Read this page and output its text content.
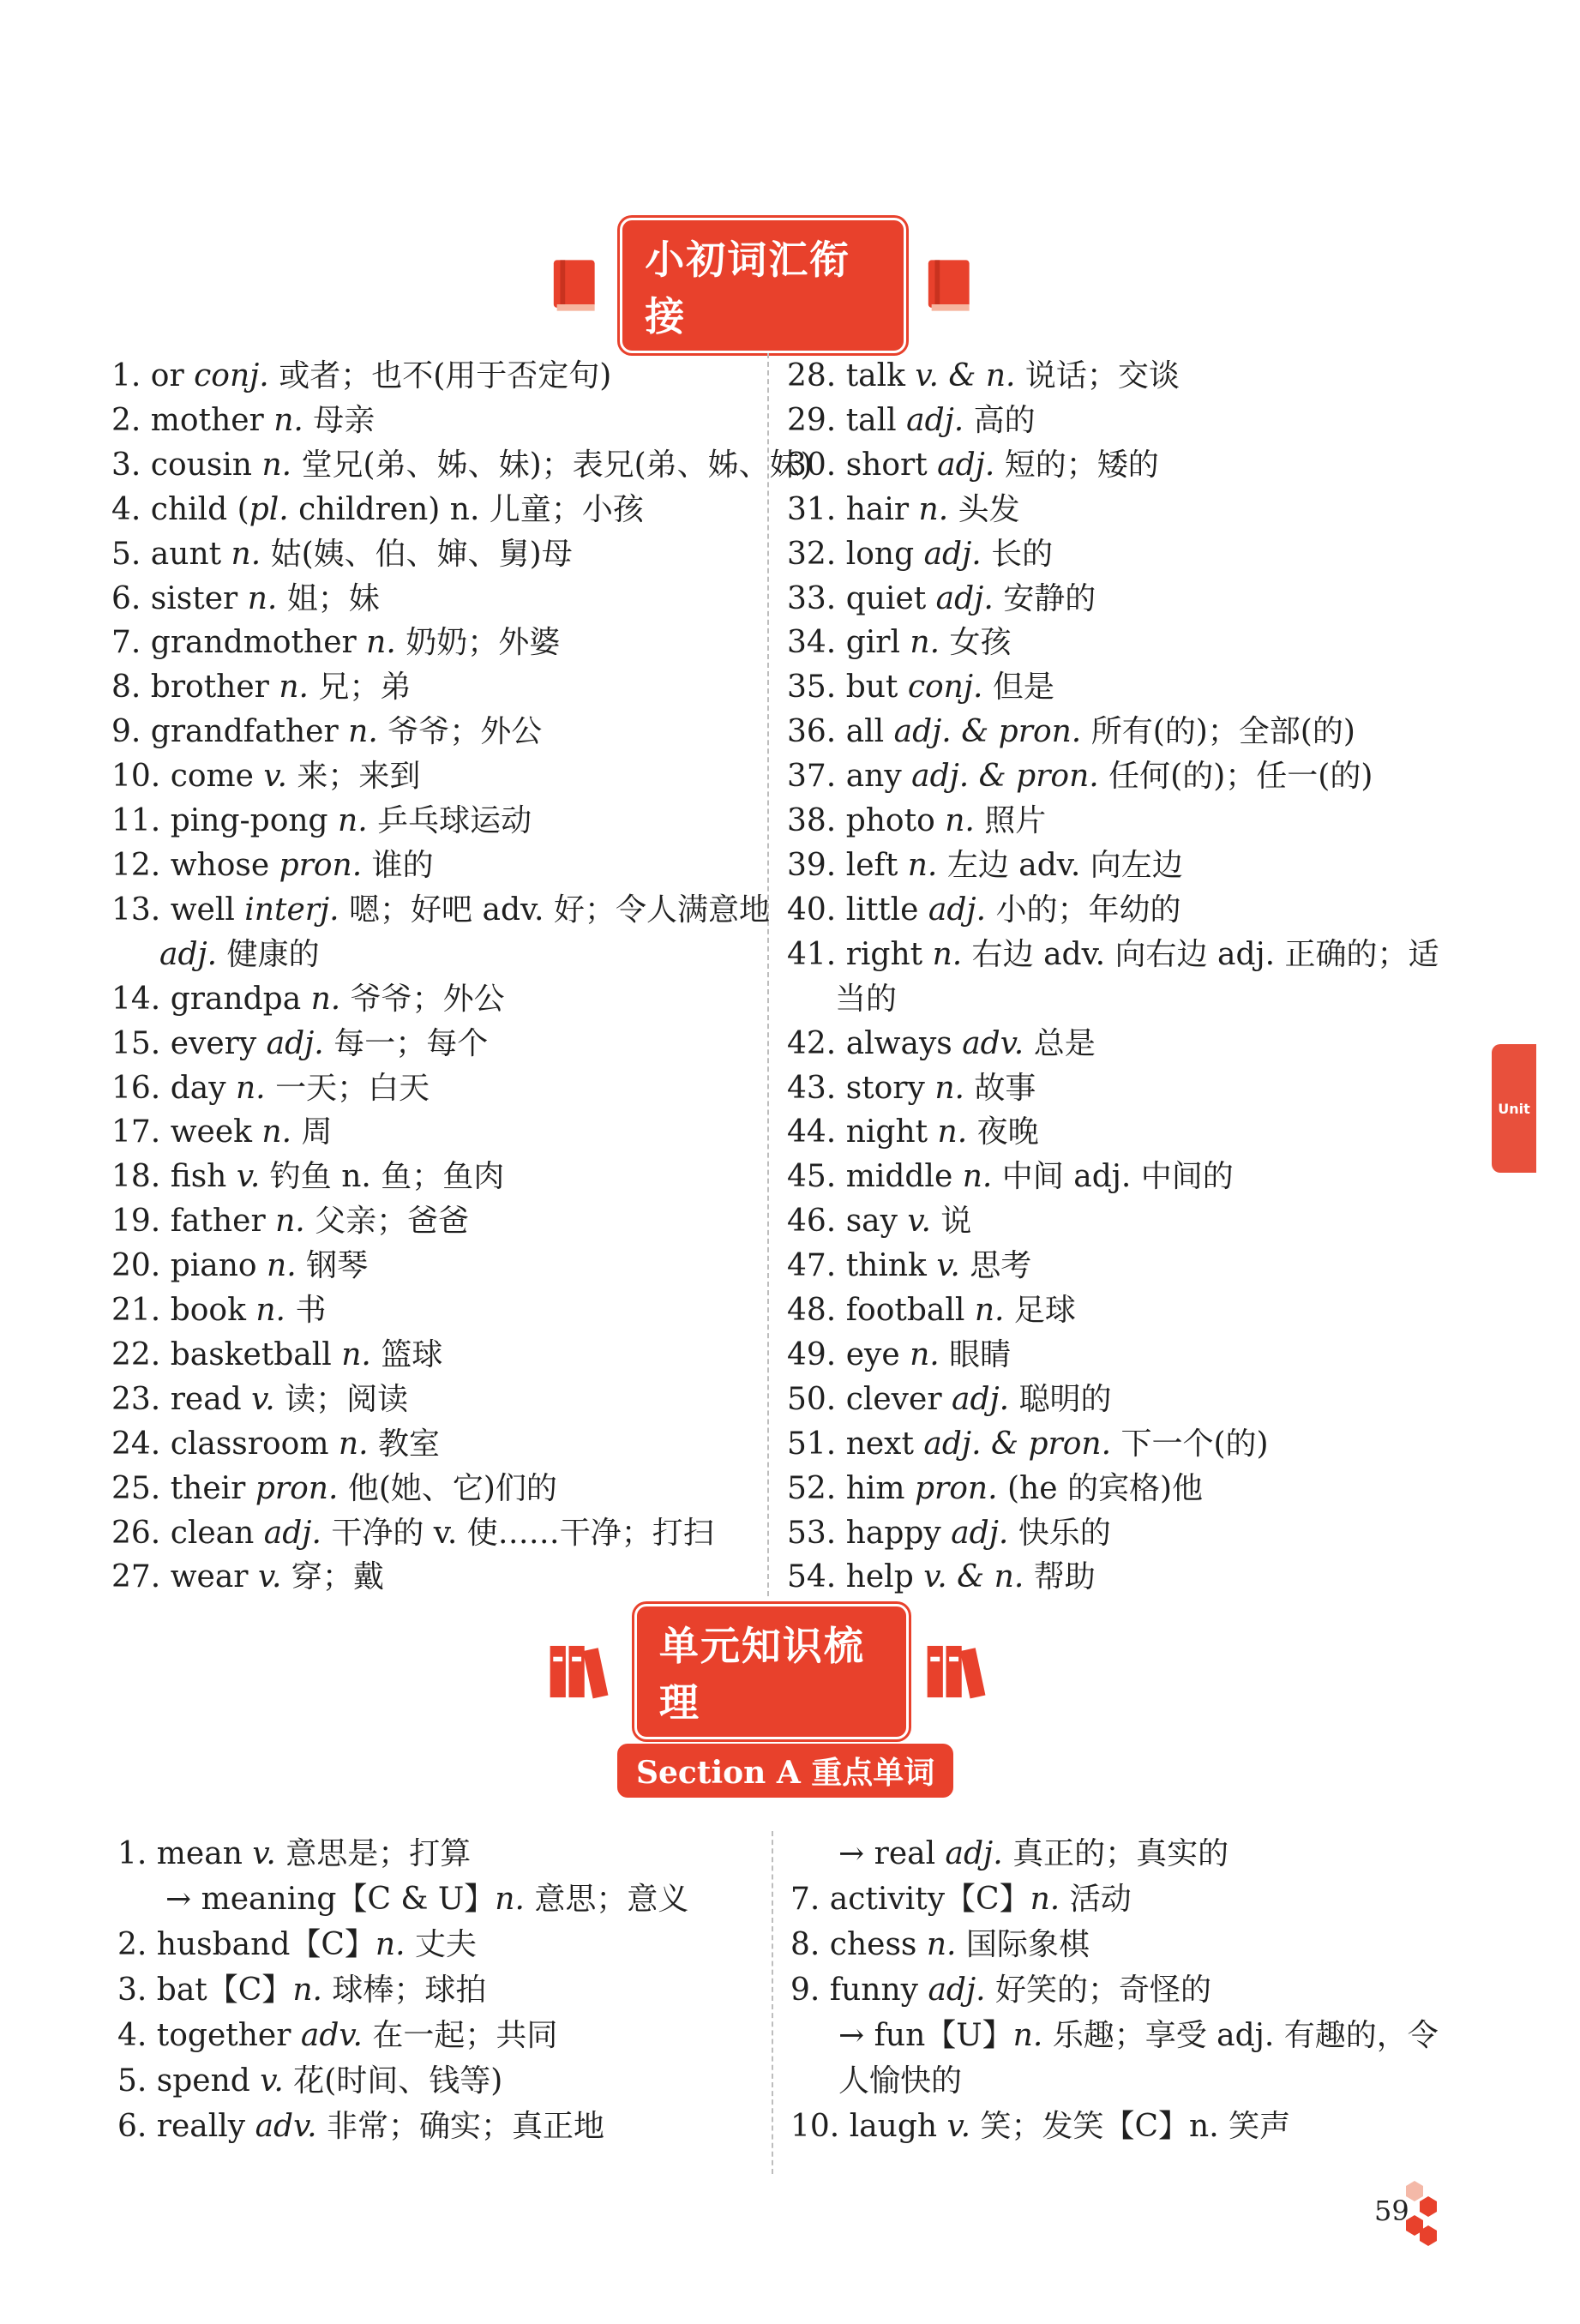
小初词汇衔接
1. or conj. 或者；也不(用于否定句)
2. mother n. 母亲
3. cousin n. 堂兄(弟、姊、妹)；表兄(弟、姊、妹)
4. child (pl. children) n. 儿童；小孩
5. aunt n. 姑(姨、伯、婶、舅)母
6. sister n. 姐；妹
7. grandmother n. 奶奶；外婆
8. brother n. 兄；弟
9. grandfather n. 爷爷；外公
10. come v. 来；来到
11. ping-pong n. 乒乓球运动
12. whose pron. 谁的
13. well interj. 嗯；好吧 adv. 好；令人满意地
adj. 健康的
14. grandpa n. 爷爷；外公
15. every adj. 每一；每个
16. day n. 一天；白天
17. week n. 周
18. fish v. 钓鱼 n. 鱼；鱼肉
19. father n. 父亲；爸爸
20. piano n. 钢琴
21. book n. 书
22. basketball n. 篮球
23. read v. 读；阅读
24. classroom n. 教室
25. their pron. 他(她、它)们的
26. clean adj. 干净的 v. 使……干净；打扫
27. wear v. 穿；戴
28. talk v. & n. 说话；交谈
29. tall adj. 高的
30. short adj. 短的；矮的
31. hair n. 头发
32. long adj. 长的
33. quiet adj. 安静的
34. girl n. 女孩
35. but conj. 但是
36. all adj. & pron. 所有(的)；全部(的)
37. any adj. & pron. 任何(的)；任一(的)
38. photo n. 照片
39. left n. 左边 adv. 向左边
40. little adj. 小的；年幼的
41. right n. 右边 adv. 向右边 adj. 正确的；适
当的
42. always adv. 总是
43. story n. 故事
44. night n. 夜晚
45. middle n. 中间 adj. 中间的
46. say v. 说
47. think v. 思考
48. football n. 足球
49. eye n. 眼睛
50. clever adj. 聪明的
51. next adj. & pron. 下一个(的)
52. him pron. (he 的宾格)他
53. happy adj. 快乐的
54. help v. & n. 帮助
单元知识梳理
Section A 重点单词
1. mean v. 意思是；打算
→ meaning【C & U】n. 意思；意义
2. husband【C】n. 丈夫
3. bat【C】n. 球棒；球拍
4. together adv. 在一起；共同
5. spend v. 花(时间、钱等)
6. really adv. 非常；确实；真正地
→ real adj. 真正的；真实的
7. activity【C】n. 活动
8. chess n. 国际象棋
9. funny adj. 好笑的；奇怪的
→ fun【U】n. 乐趣；享受 adj. 有趣的，令
人愉快的
10. laugh v. 笑；发笑【C】n. 笑声
Unit
59
